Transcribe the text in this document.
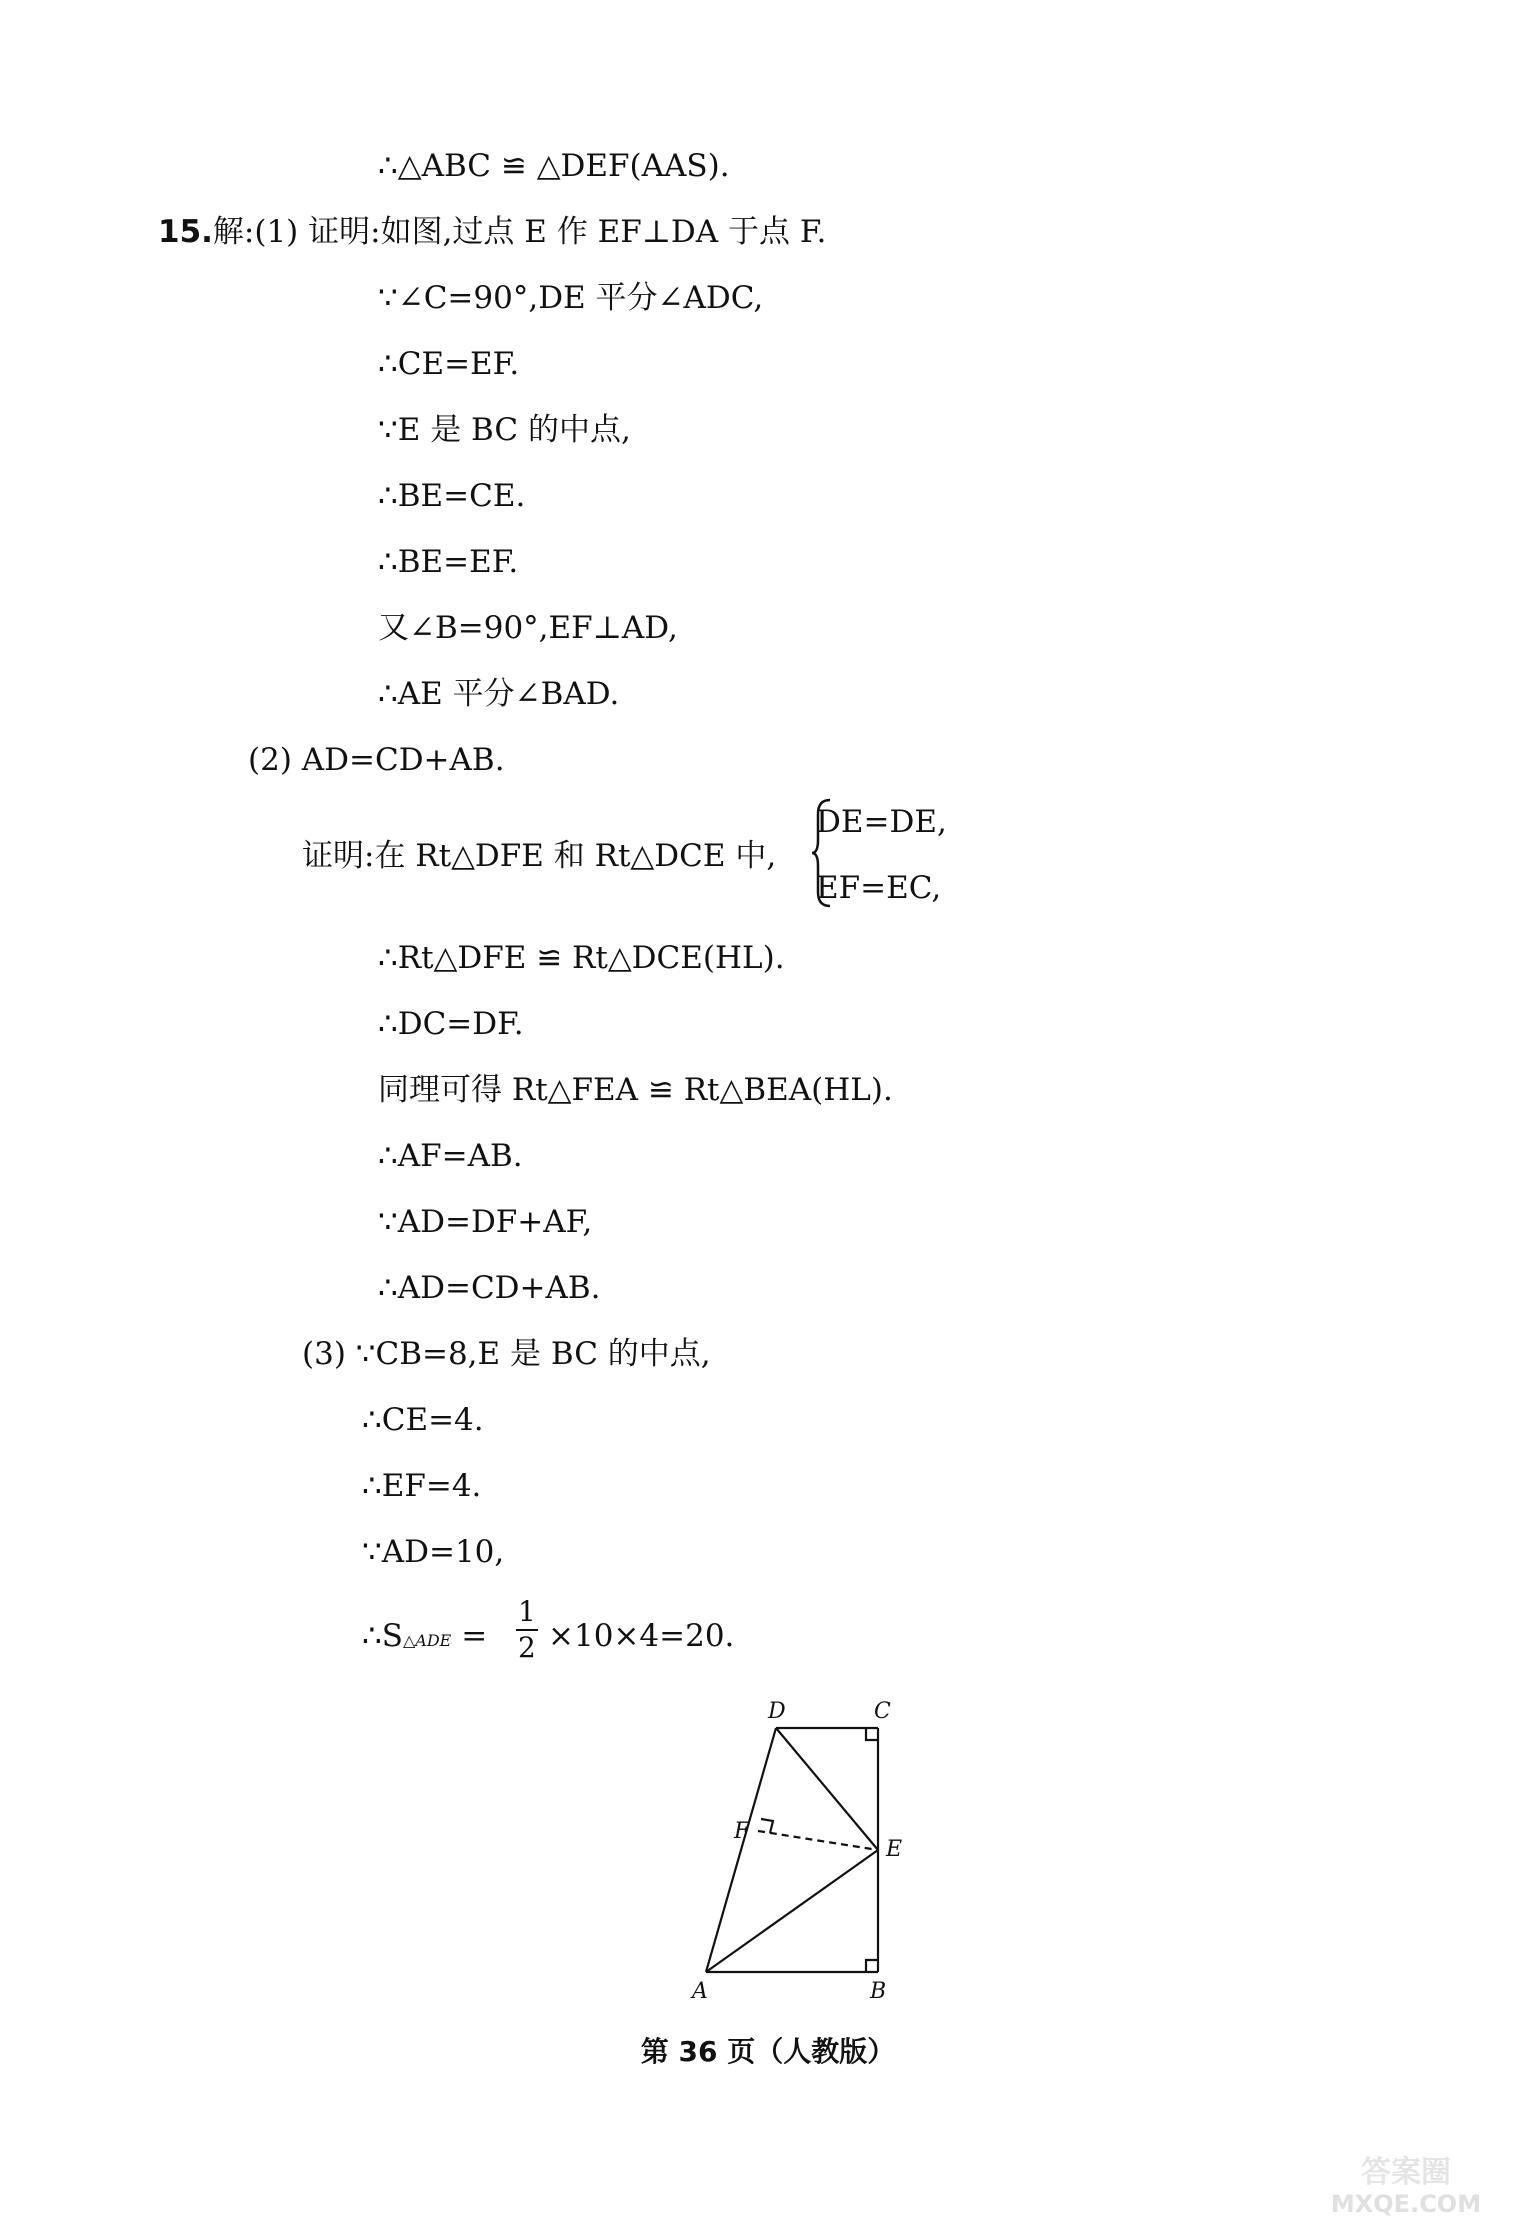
∴△ABC ≌ △DEF(AAS).
15.解:(1) 证明:如图,过点 E 作 EF⊥DA 于点 F.
∵∠C=90°,DE 平分∠ADC,
∴CE=EF.
∵E 是 BC 的中点,
∴BE=CE.
∴BE=EF.
又∠B=90°,EF⊥AD,
∴AE 平分∠BAD.
(2) AD=CD+AB.
证明:在 Rt△DFE 和 Rt△DCE 中,
DE=DE,
EF=EC,
∴Rt△DFE ≌ Rt△DCE(HL).
∴DC=DF.
同理可得 Rt△FEA ≌ Rt△BEA(HL).
∴AF=AB.
∵AD=DF+AF,
∴AD=CD+AB.
(3) ∵CB=8,E 是 BC 的中点,
∴CE=4.
∴EF=4.
∵AD=10,
∴S△ADE =
1
2 ×10×4=20.
D	C
F
E
A	B
第 36 页（人教版）
答案圈
MXQE.COM
